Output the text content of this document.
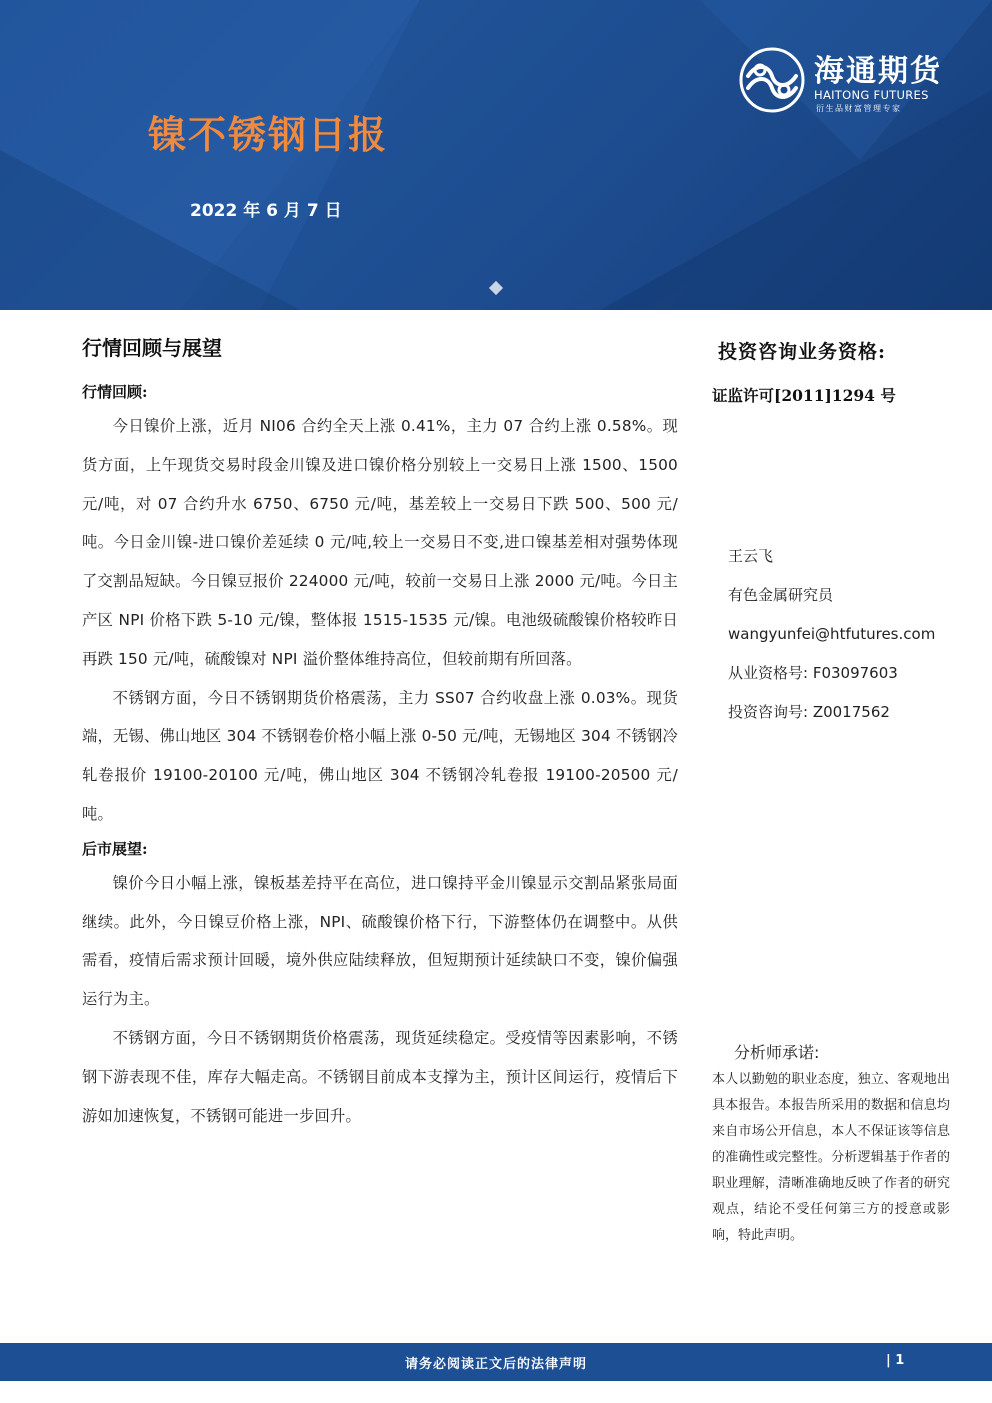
镍不锈钢日报
2022 年 6 月 7 日
海通期货
HAITONG FUTURES
衍生品财富管理专家
行情回顾与展望
行情回顾:

今日镍价上涨，近月 NI06 合约全天上涨 0.41%，主力 07 合约上涨 0.58%。现货方面，上午现货交易时段金川镍及进口镍价格分别较上一交易日上涨 1500、1500 元/吨，对 07 合约升水 6750、6750 元/吨，基差较上一交易日下跌 500、500 元/吨。今日金川镍-进口镍价差延续 0 元/吨,较上一交易日不变,进口镍基差相对强势体现了交割品短缺。今日镍豆报价 224000 元/吨，较前一交易日上涨 2000 元/吨。今日主产区 NPI 价格下跌 5-10 元/镍，整体报 1515-1535 元/镍。电池级硫酸镍价格较昨日再跌 150 元/吨，硫酸镍对 NPI 溢价整体维持高位，但较前期有所回落。

不锈钢方面，今日不锈钢期货价格震荡，主力 SS07 合约收盘上涨 0.03%。现货端，无锡、佛山地区 304 不锈钢卷价格小幅上涨 0-50 元/吨，无锡地区 304 不锈钢冷轧卷报价 19100-20100 元/吨，佛山地区 304 不锈钢冷轧卷报 19100-20500 元/吨。

后市展望:

镍价今日小幅上涨，镍板基差持平在高位，进口镍持平金川镍显示交割品紧张局面继续。此外，今日镍豆价格上涨，NPI、硫酸镍价格下行，下游整体仍在调整中。从供需看，疫情后需求预计回暖，境外供应陆续释放，但短期预计延续缺口不变，镍价偏强运行为主。

不锈钢方面，今日不锈钢期货价格震荡，现货延续稳定。受疫情等因素影响，不锈钢下游表现不佳，库存大幅走高。不锈钢目前成本支撑为主，预计区间运行，疫情后下游如加速恢复，不锈钢可能进一步回升。

投资咨询业务资格:
证监许可[2011]1294 号
王云飞
有色金属研究员
wangyunfei@htfutures.com
从业资格号: F03097603
投资咨询号: Z0017562
分析师承诺:
本人以勤勉的职业态度，独立、客观地出具本报告。本报告所采用的数据和信息均来自市场公开信息，本人不保证该等信息的准确性或完整性。分析逻辑基于作者的职业理解，清晰准确地反映了作者的研究观点，结论不受任何第三方的授意或影响，特此声明。
请务必阅读正文后的法律声明	| 1
